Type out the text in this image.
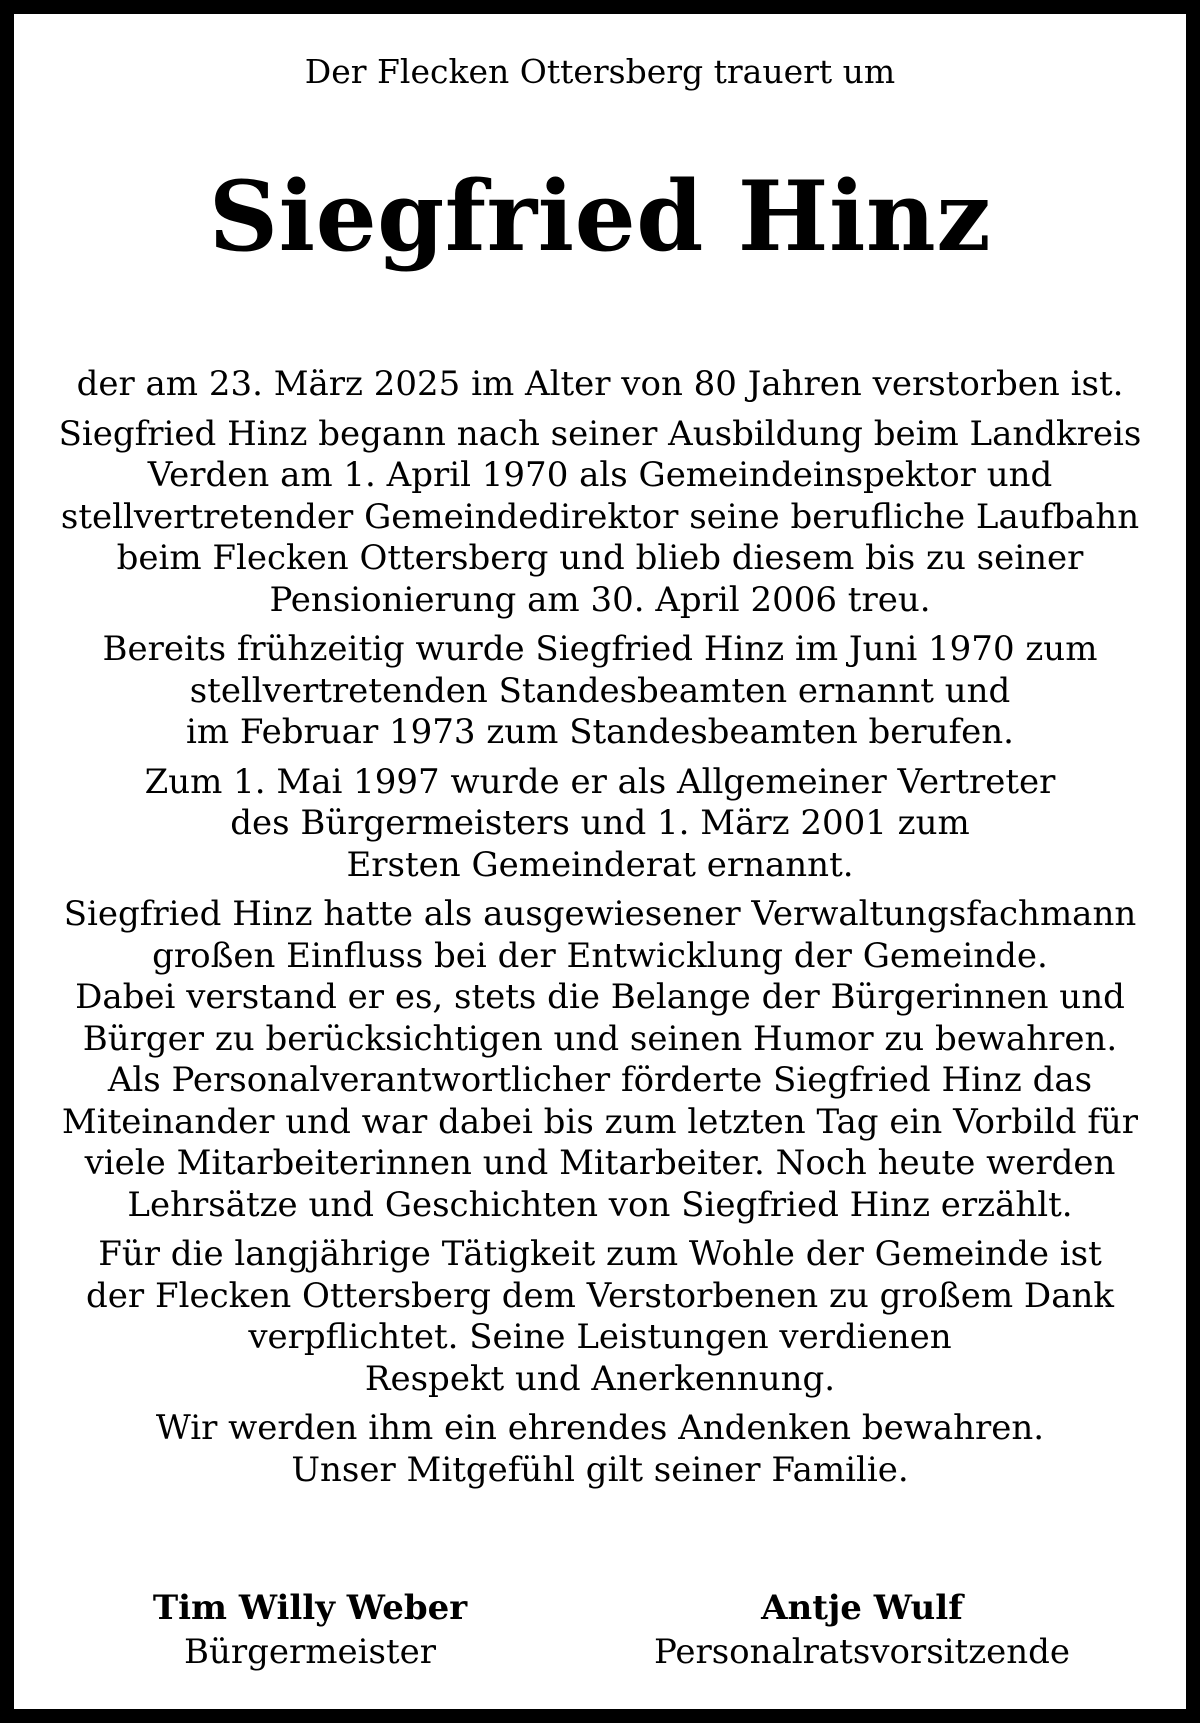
Der Flecken Ottersberg trauert um
Siegfried Hinz

der am 23. März 2025 im Alter von 80 Jahren verstorben ist.

Siegfried Hinz begann nach seiner Ausbildung beim Landkreis
Verden am 1. April 1970 als Gemeindeinspektor und
stellvertretender Gemeindedirektor seine berufliche Laufbahn
beim Flecken Ottersberg und blieb diesem bis zu seiner
Pensionierung am 30. April 2006 treu.

Bereits frühzeitig wurde Siegfried Hinz im Juni 1970 zum
stellvertretenden Standesbeamten ernannt und
im Februar 1973 zum Standesbeamten berufen.

Zum 1. Mai 1997 wurde er als Allgemeiner Vertreter
des Bürgermeisters und 1. März 2001 zum
Ersten Gemeinderat ernannt.

Siegfried Hinz hatte als ausgewiesener Verwaltungsfachmann
großen Einfluss bei der Entwicklung der Gemeinde.
Dabei verstand er es, stets die Belange der Bürgerinnen und
Bürger zu berücksichtigen und seinen Humor zu bewahren.
Als Personalverantwortlicher förderte Siegfried Hinz das
Miteinander und war dabei bis zum letzten Tag ein Vorbild für
viele Mitarbeiterinnen und Mitarbeiter. Noch heute werden
Lehrsätze und Geschichten von Siegfried Hinz erzählt.

Für die langjährige Tätigkeit zum Wohle der Gemeinde ist
der Flecken Ottersberg dem Verstorbenen zu großem Dank
verpflichtet. Seine Leistungen verdienen
Respekt und Anerkennung.

Wir werden ihm ein ehrendes Andenken bewahren.
Unser Mitgefühl gilt seiner Familie.

Tim Willy Weber
Bürgermeister
Antje Wulf
Personalratsvorsitzende
